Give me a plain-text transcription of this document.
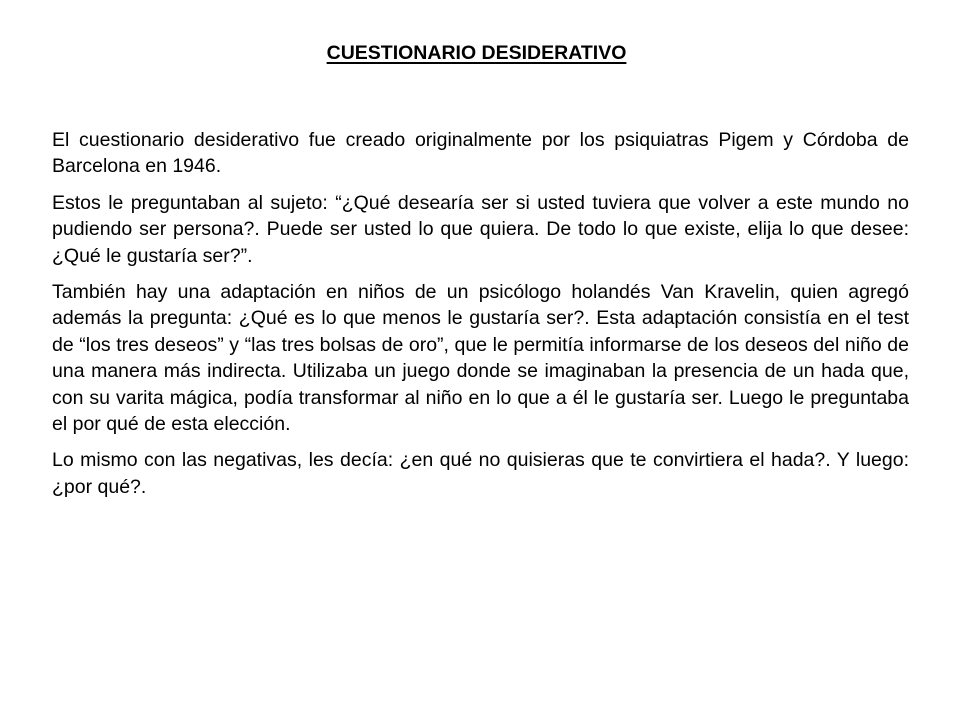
CUESTIONARIO DESIDERATIVO

El cuestionario desiderativo fue creado originalmente por los psiquiatras Pigem y Córdoba de Barcelona en 1946.

Estos le preguntaban al sujeto: “¿Qué desearía ser si usted tuviera que volver a este mundo no pudiendo ser persona?. Puede ser usted lo que quiera. De todo lo que existe, elija lo que desee: ¿Qué le gustaría ser?”.

También hay una adaptación en niños de un psicólogo holandés Van Kravelin, quien agregó además la pregunta: ¿Qué es lo que menos le gustaría ser?. Esta adaptación consistía en el test de “los tres deseos” y “las tres bolsas de oro”, que le permitía informarse de los deseos del niño de una manera más indirecta. Utilizaba un juego donde se imaginaban la presencia de un hada que, con su varita mágica, podía transformar al niño en lo que a él le gustaría ser. Luego le preguntaba el por qué de esta elección.

Lo mismo con las negativas, les decía: ¿en qué no quisieras que te convirtiera el hada?. Y luego: ¿por qué?.
